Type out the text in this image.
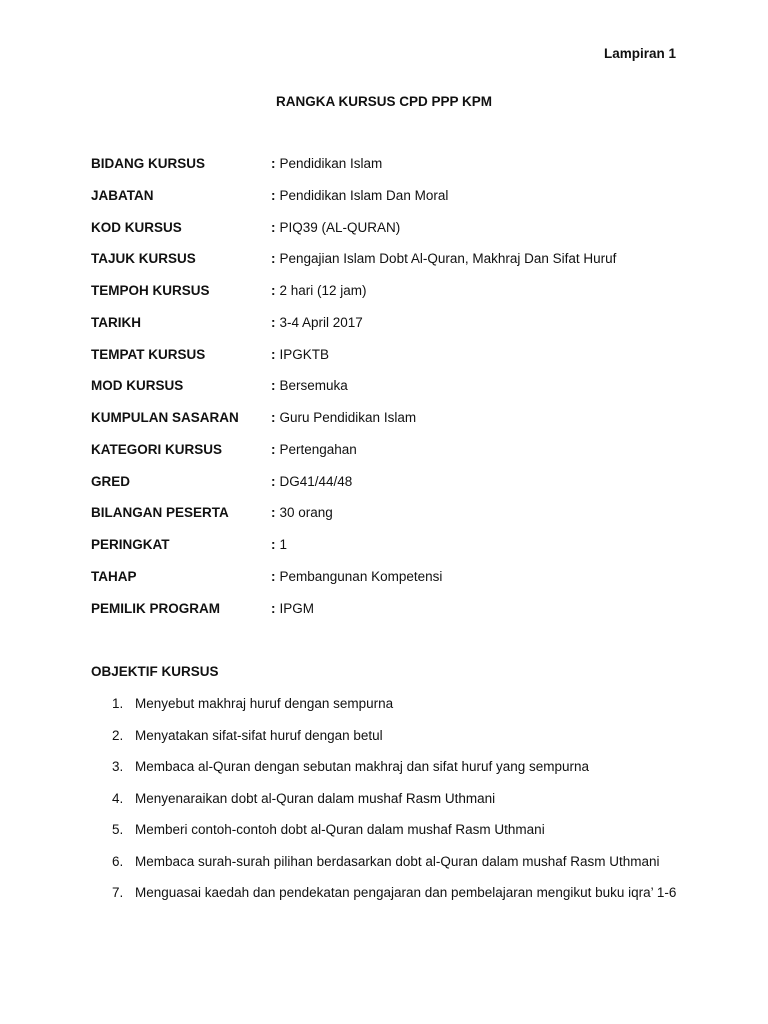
Lampiran 1
RANGKA KURSUS CPD PPP KPM
BIDANG KURSUS	: Pendidikan Islam
JABATAN	: Pendidikan Islam Dan Moral
KOD KURSUS	: PIQ39 (AL-QURAN)
TAJUK KURSUS	: Pengajian Islam Dobt Al-Quran, Makhraj Dan Sifat Huruf
TEMPOH KURSUS	: 2 hari (12 jam)
TARIKH	: 3-4 April 2017
TEMPAT KURSUS	: IPGKTB
MOD KURSUS	: Bersemuka
KUMPULAN SASARAN	: Guru Pendidikan Islam
KATEGORI KURSUS	: Pertengahan
GRED	: DG41/44/48
BILANGAN PESERTA	: 30 orang
PERINGKAT	: 1
TAHAP	: Pembangunan Kompetensi
PEMILIK PROGRAM	: IPGM
OBJEKTIF KURSUS
1. Menyebut makhraj huruf dengan sempurna
2. Menyatakan sifat-sifat huruf dengan betul
3. Membaca al-Quran dengan sebutan makhraj dan sifat huruf yang sempurna
4. Menyenaraikan dobt al-Quran dalam mushaf Rasm Uthmani
5. Memberi contoh-contoh dobt al-Quran dalam mushaf Rasm Uthmani
6. Membaca surah-surah pilihan berdasarkan dobt al-Quran dalam mushaf Rasm Uthmani
7. Menguasai kaedah dan pendekatan pengajaran dan pembelajaran mengikut buku iqra’ 1-6
